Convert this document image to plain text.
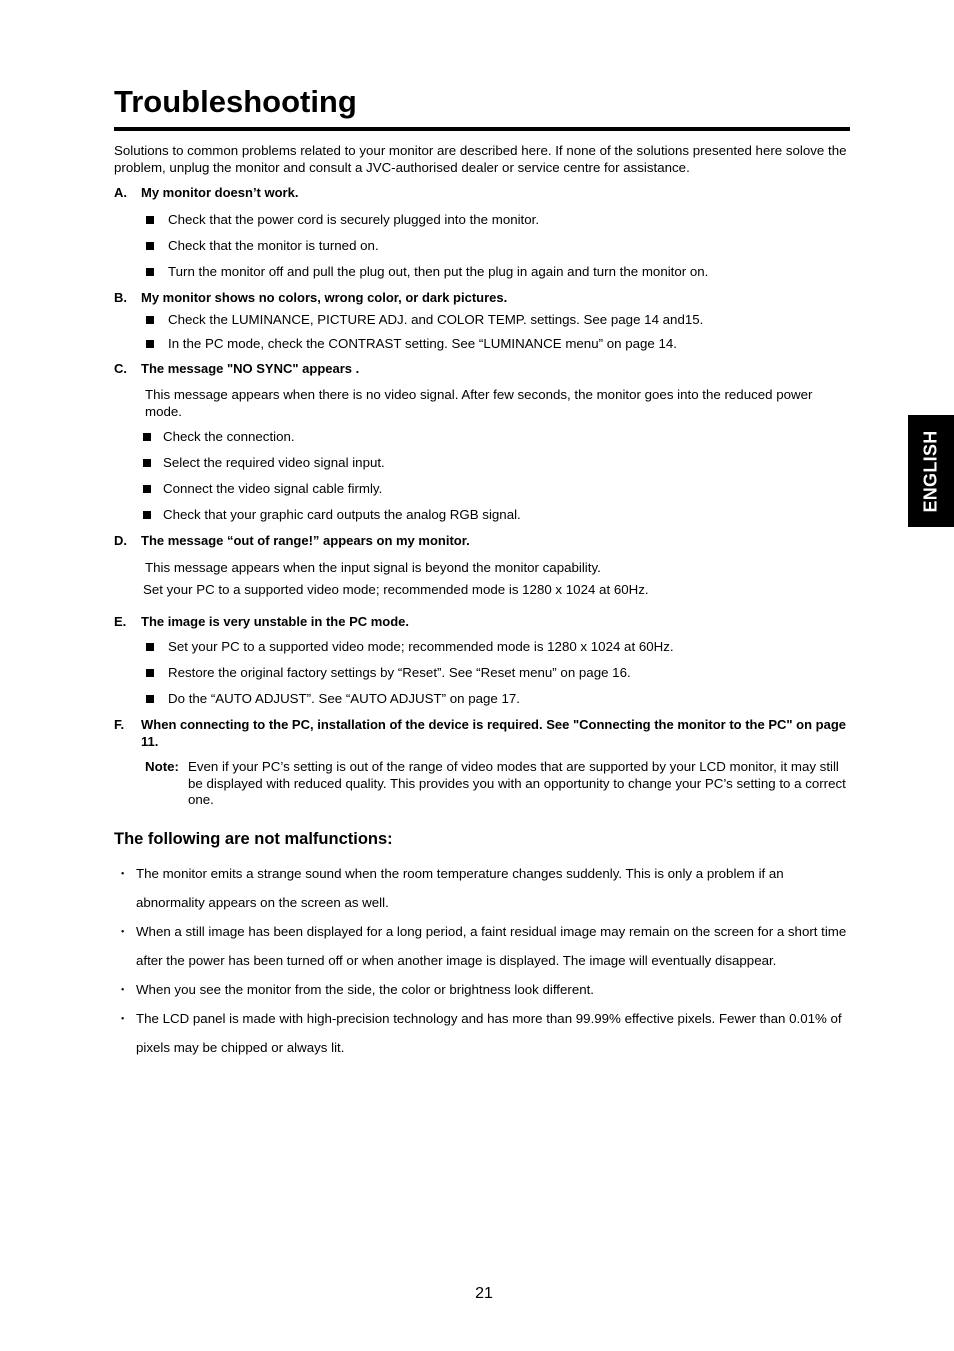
Troubleshooting
ENGLISH

Solutions to common problems related to your monitor are described here. If none of the solutions presented here solove the problem, unplug the monitor and consult a JVC-authorised dealer or service centre for assistance.

A.	My monitor doesn’t work.
Check that the power cord is securely plugged into the monitor.
Check that the monitor is turned on.
Turn the monitor off and pull the plug out, then put the plug in again and turn the monitor on.
B.	My monitor shows no colors, wrong color, or dark pictures.
Check the LUMINANCE, PICTURE ADJ. and COLOR TEMP. settings. See page 14 and15.
In the PC mode, check the CONTRAST setting. See “LUMINANCE menu” on page 14.
C.	The message "NO SYNC" appears .

This message appears when there is no video signal. After few seconds, the monitor goes into the reduced power mode.

Check the connection.
Select the required video signal input.
Connect the video signal cable firmly.
Check that your graphic card outputs the analog RGB signal.
D.	The message “out of range!” appears on my monitor.

This message appears when the input signal is beyond the monitor capability.

Set your PC to a supported video mode; recommended mode is 1280 x 1024 at 60Hz.

E.	The image is very unstable in the PC mode.
Set your PC to a supported video mode; recommended mode is 1280 x 1024 at 60Hz.
Restore the original factory settings by “Reset”. See “Reset menu” on page 16.
Do the “AUTO ADJUST”. See “AUTO ADJUST” on page 17.
F.	When connecting to the PC, installation of the device is required. See "Connecting the monitor to the PC" on page 11.
Note: Even if your PC’s setting is out of the range of video modes that are supported by your LCD monitor, it may still be displayed with reduced quality. This provides you with an opportunity to change your PC’s setting to a correct one.
The following are not malfunctions:
・ The monitor emits a strange sound when the room temperature changes suddenly. This is only a problem if an abnormality appears on the screen as well.
・ When a still image has been displayed for a long period, a faint residual image may remain on the screen for a short time after the power has been turned off or when another image is displayed. The image will eventually disappear.
・ When you see the monitor from the side, the color or brightness look different.
・ The LCD panel is made with high-precision technology and has more than 99.99% effective pixels. Fewer than 0.01% of pixels may be chipped or always lit.
21
